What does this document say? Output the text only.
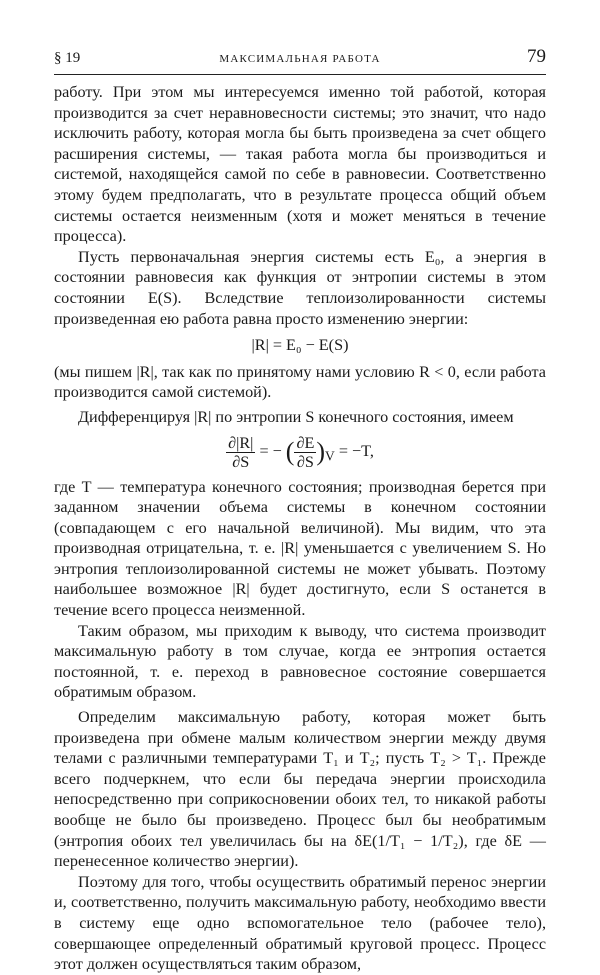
§ 19	МАКСИМАЛЬНАЯ РАБОТА	79

работу. При этом мы интересуемся именно той работой, которая производится за счет неравновесности системы; это значит, что надо исключить работу, которая могла бы быть произведена за счет общего расширения системы, — такая работа могла бы производиться и системой, находящейся самой по себе в равновесии. Соответственно этому будем предполагать, что в результате процесса общий объем системы остается неизменным (хотя и может меняться в течение процесса).

Пусть первоначальная энергия системы есть E₀, а энергия в состоянии равновесия как функция от энтропии системы в этом состоянии E(S). Вследствие теплоизолированности системы произведенная ею работа равна просто изменению энергии:

|R| = E₀ − E(S)

(мы пишем |R|, так как по принятому нами условию R < 0, если работа производится самой системой).

Дифференцируя |R| по энтропии S конечного состояния, имеем

$\frac{\partial|R|}{\partial S}$ = − ( $\frac{\partial E}{\partial S} )_V = -T$,

где T — температура конечного состояния; производная берется при заданном значении объема системы в конечном состоянии (совпадающем с его начальной величиной). Мы видим, что эта производная отрицательна, т. е. |R| уменьшается с увеличением S. Но энтропия теплоизолированной системы не может убывать. Поэтому наибольшее возможное |R| будет достигнуто, если S останется в течение всего процесса неизменной.

Таким образом, мы приходим к выводу, что система производит максимальную работу в том случае, когда ее энтропия остается постоянной, т. е. переход в равновесное состояние совершается обратимым образом.

Определим максимальную работу, которая может быть произведена при обмене малым количеством энергии между двумя телами с различными температурами T₁ и T₂; пусть T₂ > T₁. Прежде всего подчеркнем, что если бы передача энергии происходила непосредственно при соприкосновении обоих тел, то никакой работы вообще не было бы произведено. Процесс был бы необратимым (энтропия обоих тел увеличилась бы на δE(1/T₁ − 1/T₂), где δE — перенесенное количество энергии).

Поэтому для того, чтобы осуществить обратимый перенос энергии и, соответственно, получить максимальную работу, необходимо ввести в систему еще одно вспомогательное тело (рабочее тело), совершающее определенный обратимый круговой процесс. Процесс этот должен осуществляться таким образом,
